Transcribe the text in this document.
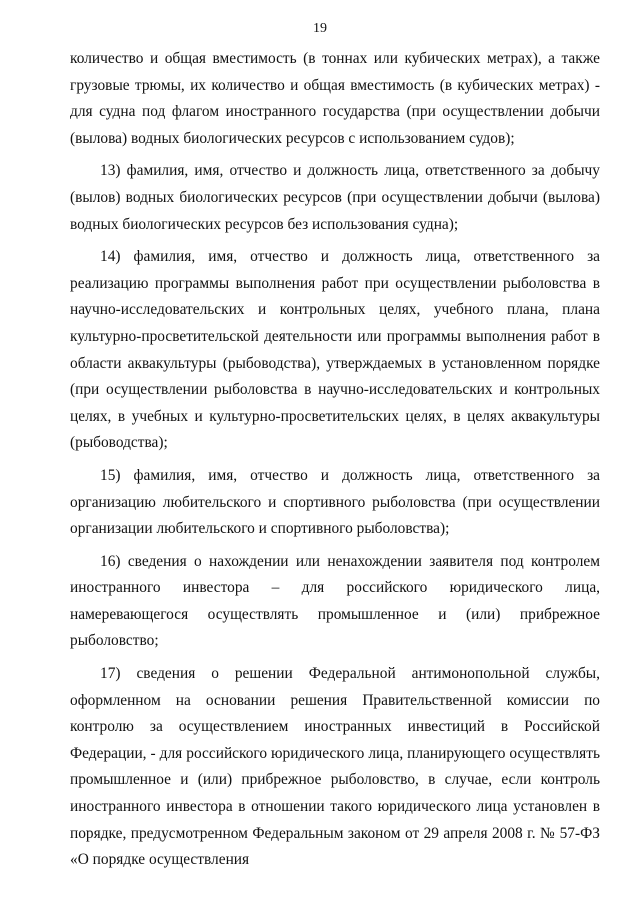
19

количество и общая вместимость (в тоннах или кубических метрах), а также грузовые трюмы, их количество и общая вместимость (в кубических метрах) - для судна под флагом иностранного государства (при осуществлении добычи (вылова) водных биологических ресурсов с использованием судов);

13) фамилия, имя, отчество и должность лица, ответственного за добычу (вылов) водных биологических ресурсов (при осуществлении добычи (вылова) водных биологических ресурсов без использования судна);

14) фамилия, имя, отчество и должность лица, ответственного за реализацию программы выполнения работ при осуществлении рыболовства в научно-исследовательских и контрольных целях, учебного плана, плана культурно-просветительской деятельности или программы выполнения работ в области аквакультуры (рыбоводства), утверждаемых в установленном порядке (при осуществлении рыболовства в научно-исследовательских и контрольных целях, в учебных и культурно-просветительских целях, в целях аквакультуры (рыбоводства);

15) фамилия, имя, отчество и должность лица, ответственного за организацию любительского и спортивного рыболовства (при осуществлении организации любительского и спортивного рыболовства);

16) сведения о нахождении или ненахождении заявителя под контролем иностранного инвестора – для российского юридического лица, намеревающегося осуществлять промышленное и (или) прибрежное рыболовство;

17) сведения о решении Федеральной антимонопольной службы, оформленном на основании решения Правительственной комиссии по контролю за осуществлением иностранных инвестиций в Российской Федерации, - для российского юридического лица, планирующего осуществлять промышленное и (или) прибрежное рыболовство, в случае, если контроль иностранного инвестора в отношении такого юридического лица установлен в порядке, предусмотренном Федеральным законом от 29 апреля 2008 г. № 57-ФЗ «О порядке осуществления
